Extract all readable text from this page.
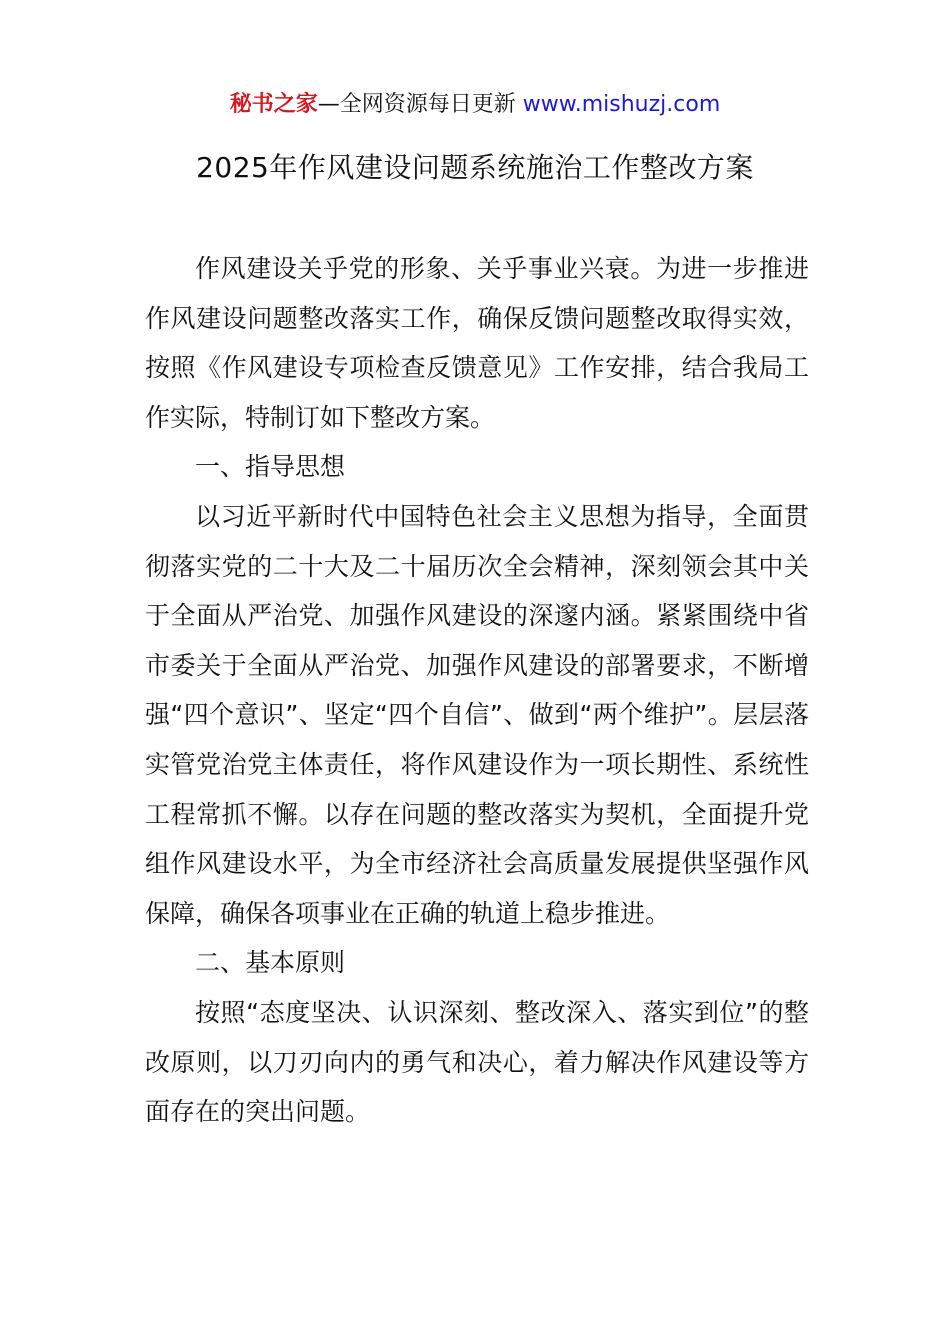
秘书之家—全网资源每日更新 www.mishuzj.com
2025年作风建设问题系统施治工作整改方案

作风建设关乎党的形象、关乎事业兴衰。为进一步推进作风建设问题整改落实工作，确保反馈问题整改取得实效，按照《作风建设专项检查反馈意见》工作安排，结合我局工作实际，特制订如下整改方案。

一、指导思想

以习近平新时代中国特色社会主义思想为指导，全面贯彻落实党的二十大及二十届历次全会精神，深刻领会其中关于全面从严治党、加强作风建设的深邃内涵。紧紧围绕中省市委关于全面从严治党、加强作风建设的部署要求，不断增强“四个意识”、坚定“四个自信”、做到“两个维护”。层层落实管党治党主体责任，将作风建设作为一项长期性、系统性工程常抓不懈。以存在问题的整改落实为契机，全面提升党组作风建设水平，为全市经济社会高质量发展提供坚强作风保障，确保各项事业在正确的轨道上稳步推进。

二、基本原则

按照“态度坚决、认识深刻、整改深入、落实到位”的整改原则，以刀刃向内的勇气和决心，着力解决作风建设等方面存在的突出问题。
